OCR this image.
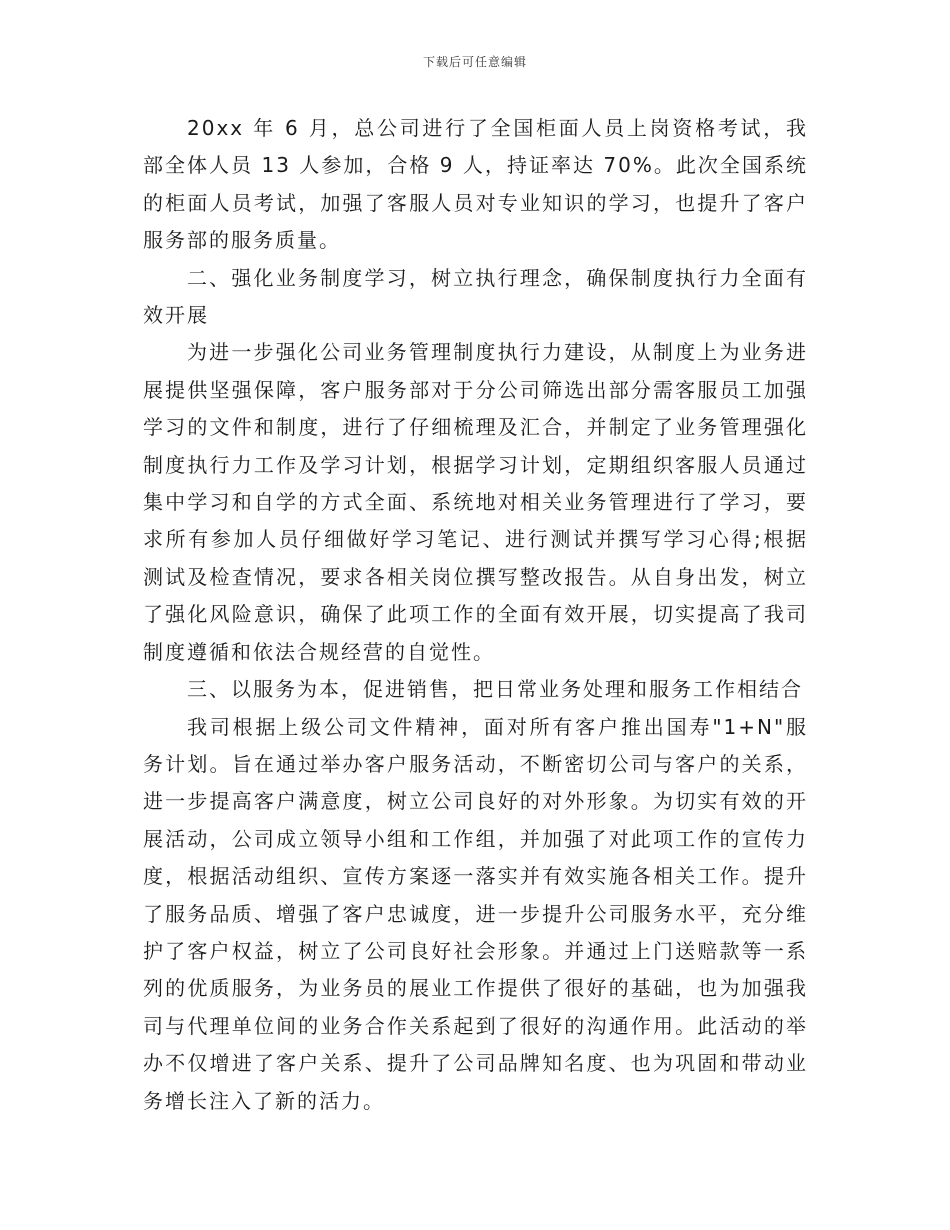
下载后可任意编辑

20xx 年 6 月，总公司进行了全国柜面人员上岗资格考试，我部全体人员 13 人参加，合格 9 人，持证率达 70%。此次全国系统的柜面人员考试，加强了客服人员对专业知识的学习，也提升了客户服务部的服务质量。

二、强化业务制度学习，树立执行理念，确保制度执行力全面有效开展

为进一步强化公司业务管理制度执行力建设，从制度上为业务进展提供坚强保障，客户服务部对于分公司筛选出部分需客服员工加强学习的文件和制度，进行了仔细梳理及汇合，并制定了业务管理强化制度执行力工作及学习计划，根据学习计划，定期组织客服人员通过集中学习和自学的方式全面、系统地对相关业务管理进行了学习，要求所有参加人员仔细做好学习笔记、进行测试并撰写学习心得;根据测试及检查情况，要求各相关岗位撰写整改报告。从自身出发，树立了强化风险意识，确保了此项工作的全面有效开展，切实提高了我司制度遵循和依法合规经营的自觉性。

三、以服务为本，促进销售，把日常业务处理和服务工作相结合

我司根据上级公司文件精神，面对所有客户推出国寿"1+N"服务计划。旨在通过举办客户服务活动，不断密切公司与客户的关系，进一步提高客户满意度，树立公司良好的对外形象。为切实有效的开展活动，公司成立领导小组和工作组，并加强了对此项工作的宣传力度，根据活动组织、宣传方案逐一落实并有效实施各相关工作。提升了服务品质、增强了客户忠诚度，进一步提升公司服务水平，充分维护了客户权益，树立了公司良好社会形象。并通过上门送赔款等一系列的优质服务，为业务员的展业工作提供了很好的基础，也为加强我司与代理单位间的业务合作关系起到了很好的沟通作用。此活动的举办不仅增进了客户关系、提升了公司品牌知名度、也为巩固和带动业务增长注入了新的活力。
